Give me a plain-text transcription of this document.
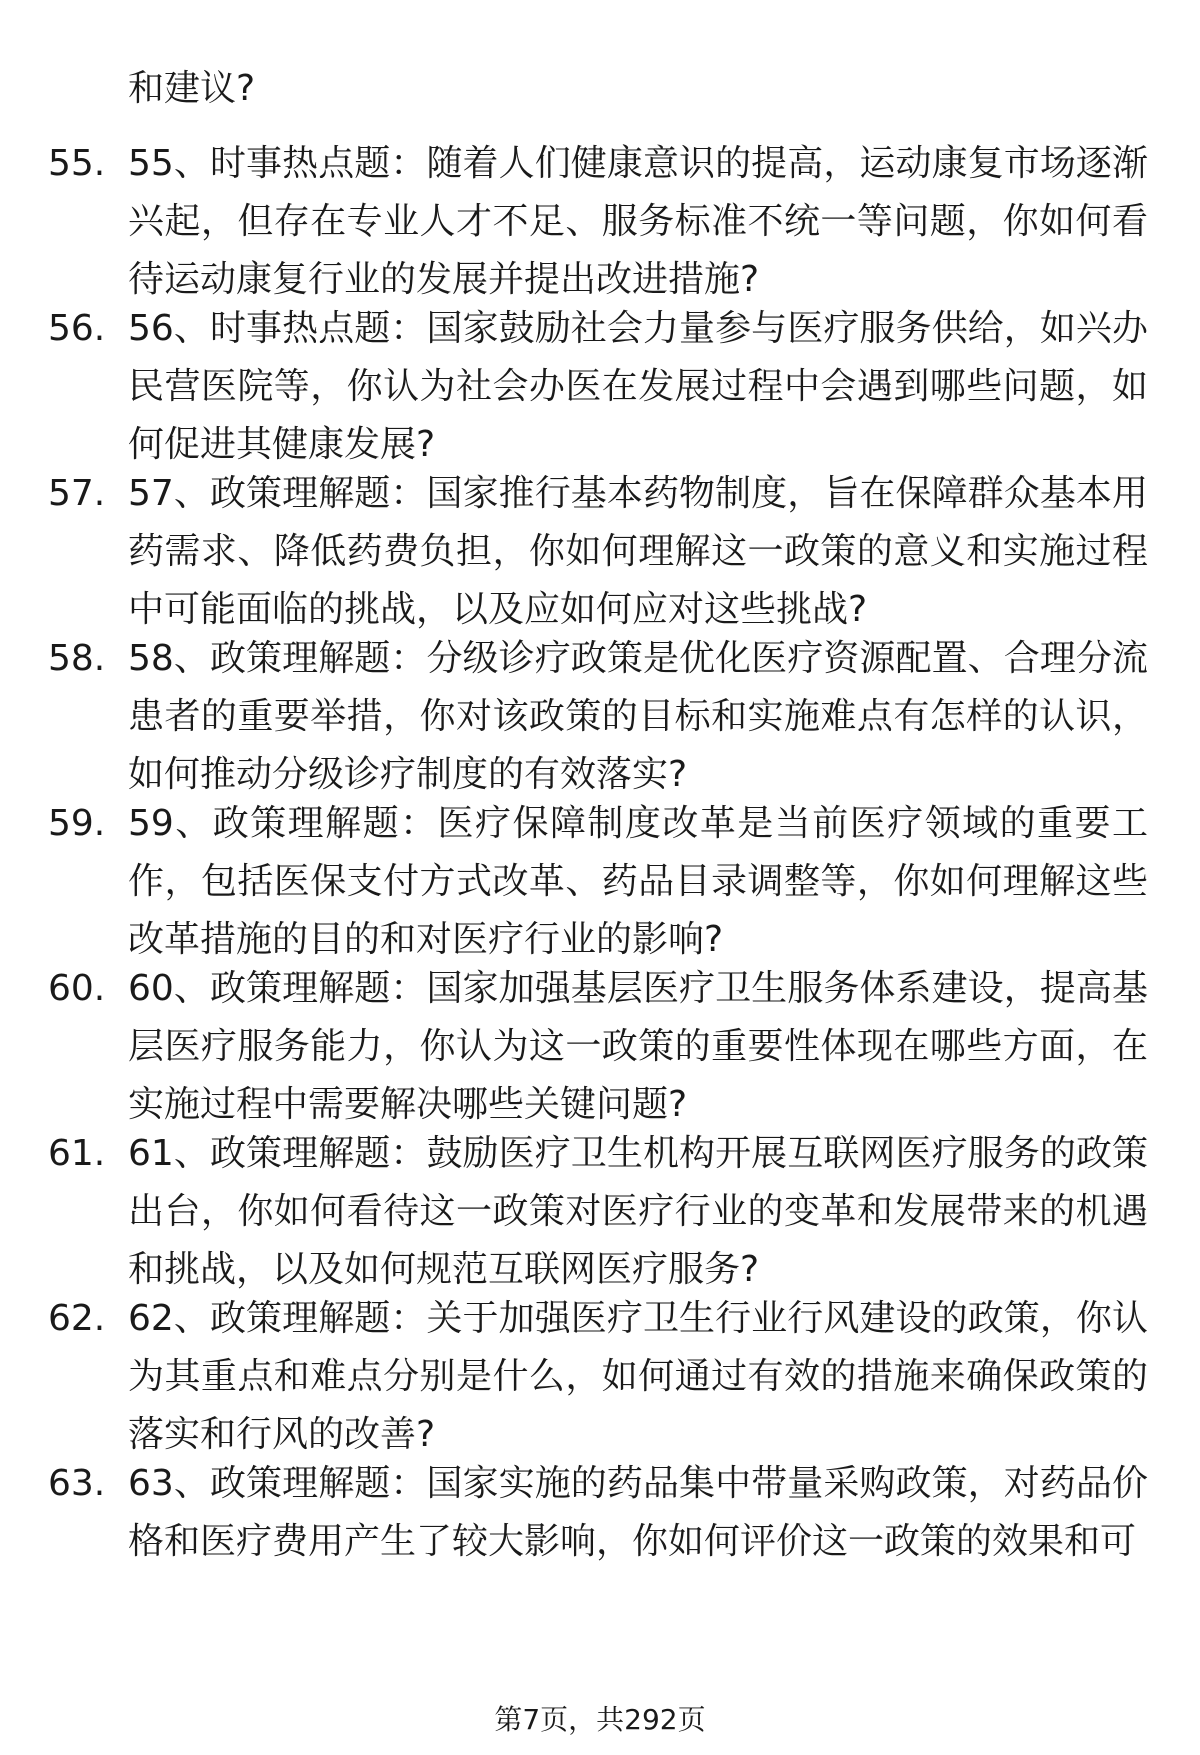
和建议?
55. 55、时事热点题：随着人们健康意识的提高，运动康复市场逐渐兴起，但存在专业人才不足、服务标准不统一等问题，你如何看待运动康复行业的发展并提出改进措施?
56. 56、时事热点题：国家鼓励社会力量参与医疗服务供给，如兴办民营医院等，你认为社会办医在发展过程中会遇到哪些问题，如何促进其健康发展?
57. 57、政策理解题：国家推行基本药物制度，旨在保障群众基本用药需求、降低药费负担，你如何理解这一政策的意义和实施过程中可能面临的挑战，以及应如何应对这些挑战?
58. 58、政策理解题：分级诊疗政策是优化医疗资源配置、合理分流患者的重要举措，你对该政策的目标和实施难点有怎样的认识，如何推动分级诊疗制度的有效落实?
59. 59、政策理解题：医疗保障制度改革是当前医疗领域的重要工作，包括医保支付方式改革、药品目录调整等，你如何理解这些改革措施的目的和对医疗行业的影响?
60. 60、政策理解题：国家加强基层医疗卫生服务体系建设，提高基层医疗服务能力，你认为这一政策的重要性体现在哪些方面，在实施过程中需要解决哪些关键问题?
61. 61、政策理解题：鼓励医疗卫生机构开展互联网医疗服务的政策出台，你如何看待这一政策对医疗行业的变革和发展带来的机遇和挑战，以及如何规范互联网医疗服务?
62. 62、政策理解题：关于加强医疗卫生行业行风建设的政策，你认为其重点和难点分别是什么，如何通过有效的措施来确保政策的落实和行风的改善?
63. 63、政策理解题：国家实施的药品集中带量采购政策，对药品价格和医疗费用产生了较大影响，你如何评价这一政策的效果和可
第7页，共292页
